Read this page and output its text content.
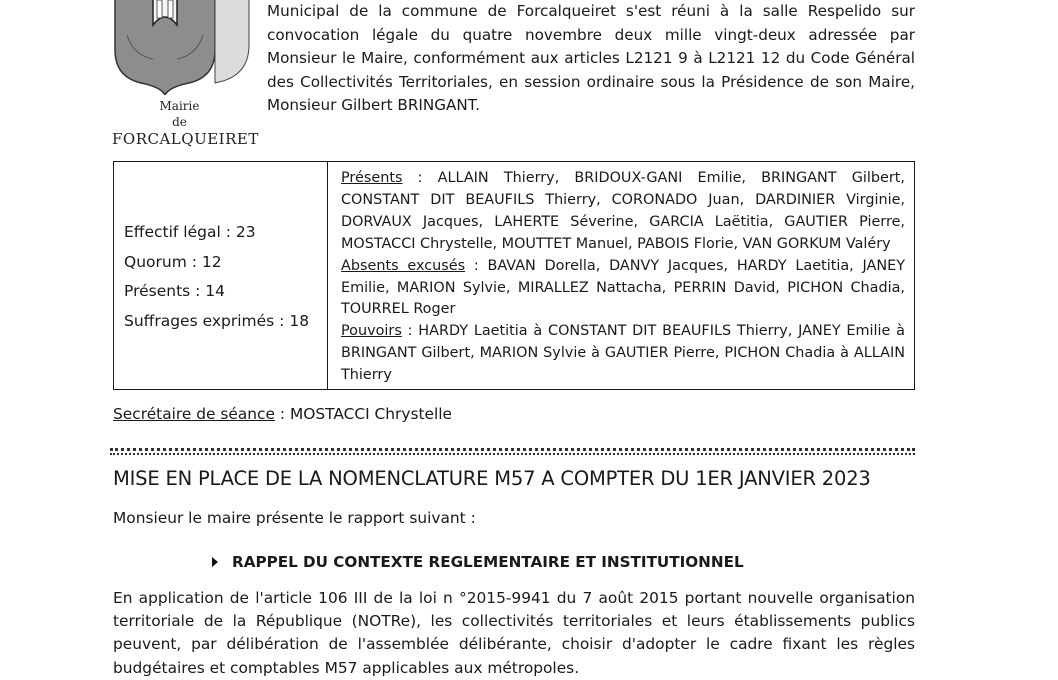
Mairie
de
FORCALQUEIRET
Municipal de la commune de Forcalqueiret s'est réuni à la salle Respelido sur convocation légale du quatre novembre deux mille vingt-deux adressée par Monsieur le Maire, conformément aux articles L2121 9 à L2121 12 du Code Général des Collectivités Territoriales, en session ordinaire sous la Présidence de son Maire, Monsieur Gilbert BRINGANT.
Effectif légal : 23
Quorum : 12
Présents : 14
Suffrages exprimés : 18
Présents : ALLAIN Thierry, BRIDOUX-GANI Emilie, BRINGANT Gilbert, CONSTANT DIT BEAUFILS Thierry, CORONADO Juan, DARDINIER Virginie, DORVAUX Jacques, LAHERTE Séverine, GARCIA Laëtitia, GAUTIER Pierre, MOSTACCI Chrystelle, MOUTTET Manuel, PABOIS Florie, VAN GORKUM Valéry
Absents excusés : BAVAN Dorella, DANVY Jacques, HARDY Laetitia, JANEY Emilie, MARION Sylvie, MIRALLEZ Nattacha, PERRIN David, PICHON Chadia, TOURREL Roger
Pouvoirs : HARDY Laetitia à CONSTANT DIT BEAUFILS Thierry, JANEY Emilie à BRINGANT Gilbert, MARION Sylvie à GAUTIER Pierre, PICHON Chadia à ALLAIN Thierry
Secrétaire de séance : MOSTACCI Chrystelle
MISE EN PLACE DE LA NOMENCLATURE M57 A COMPTER DU 1ER JANVIER 2023
Monsieur le maire présente le rapport suivant :
RAPPEL DU CONTEXTE REGLEMENTAIRE ET INSTITUTIONNEL
En application de l'article 106 III de la loi n °2015-9941 du 7 août 2015 portant nouvelle organisation territoriale de la République (NOTRe), les collectivités territoriales et leurs établissements publics peuvent, par délibération de l'assemblée délibérante, choisir d'adopter le cadre fixant les règles budgétaires et comptables M57 applicables aux métropoles.
